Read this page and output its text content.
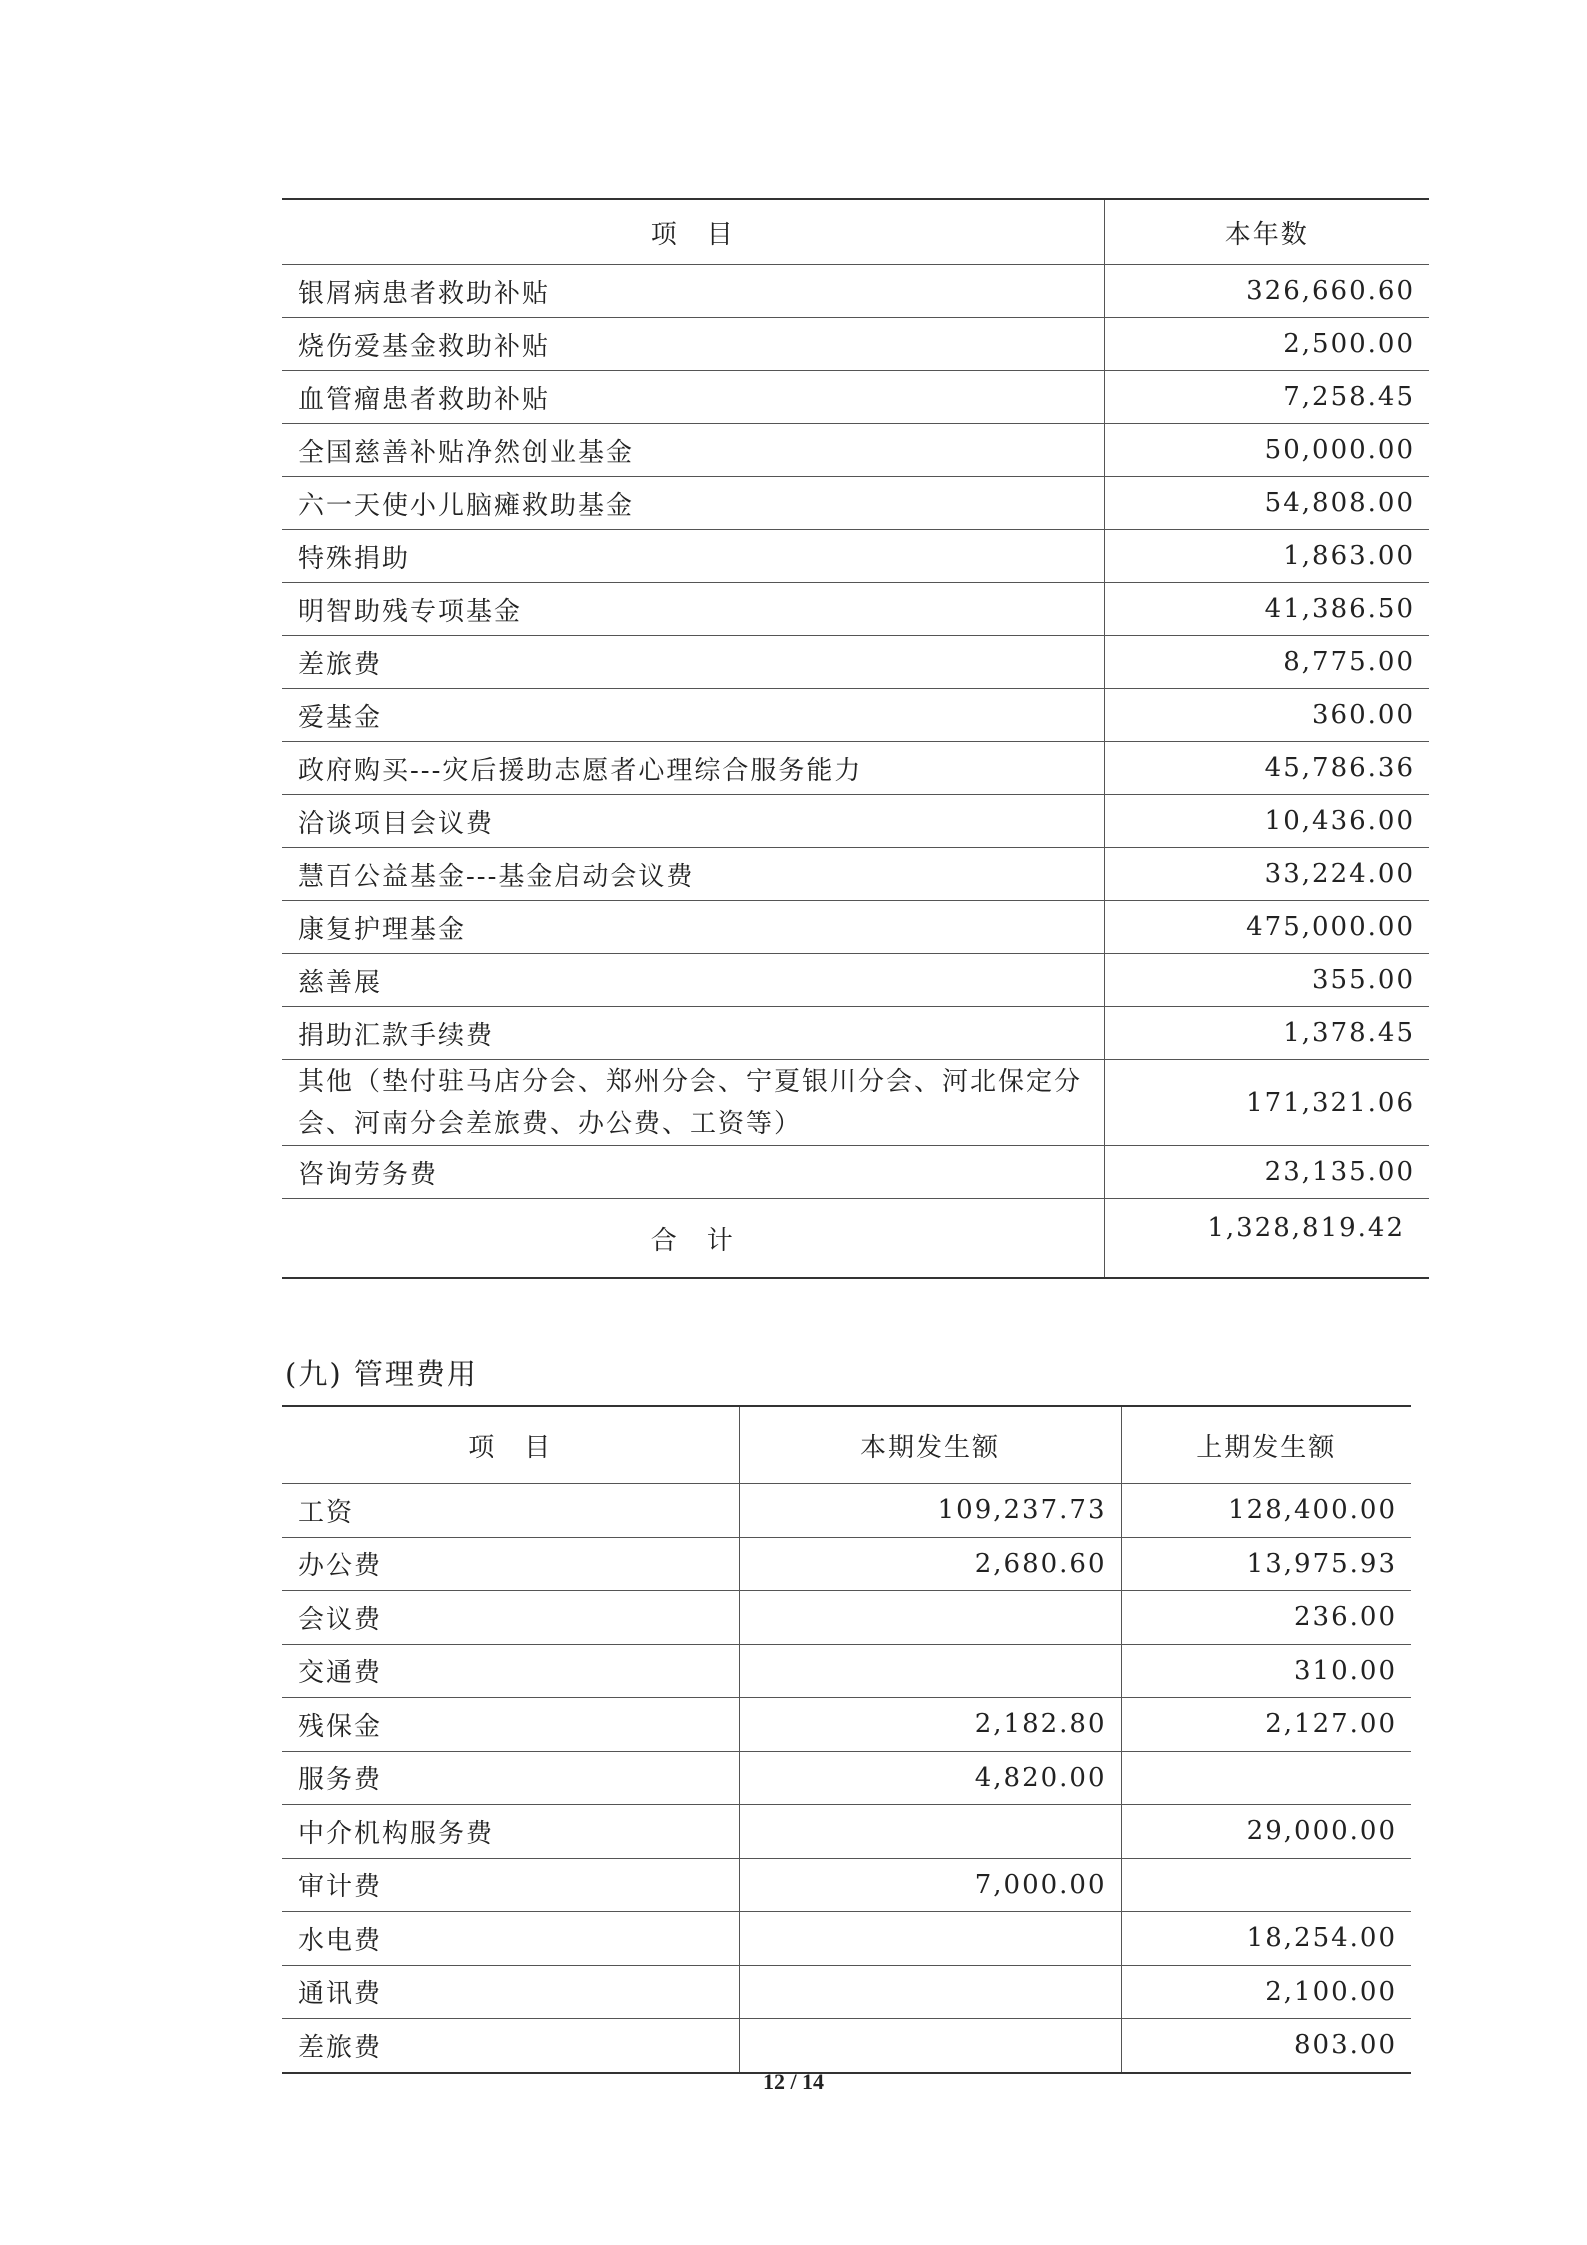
项　目	本年数
银屑病患者救助补贴	326,660.60
烧伤爱基金救助补贴	2,500.00
血管瘤患者救助补贴	7,258.45
全国慈善补贴净然创业基金	50,000.00
六一天使小儿脑瘫救助基金	54,808.00
特殊捐助	1,863.00
明智助残专项基金	41,386.50
差旅费	8,775.00
爱基金	360.00
政府购买---灾后援助志愿者心理综合服务能力	45,786.36
洽谈项目会议费	10,436.00
慧百公益基金---基金启动会议费	33,224.00
康复护理基金	475,000.00
慈善展	355.00
捐助汇款手续费	1,378.45
其他（垫付驻马店分会、郑州分会、宁夏银川分会、河北保定分会、河南分会差旅费、办公费、工资等）	171,321.06
咨询劳务费	23,135.00
合　计	1,328,819.42
(九) 管理费用
项　目	本期发生额	上期发生额
工资	109,237.73	128,400.00
办公费	2,680.60	13,975.93
会议费		236.00
交通费		310.00
残保金	2,182.80	2,127.00
服务费	4,820.00	
中介机构服务费		29,000.00
审计费	7,000.00	
水电费		18,254.00
通讯费		2,100.00
差旅费		803.00
12 / 14
